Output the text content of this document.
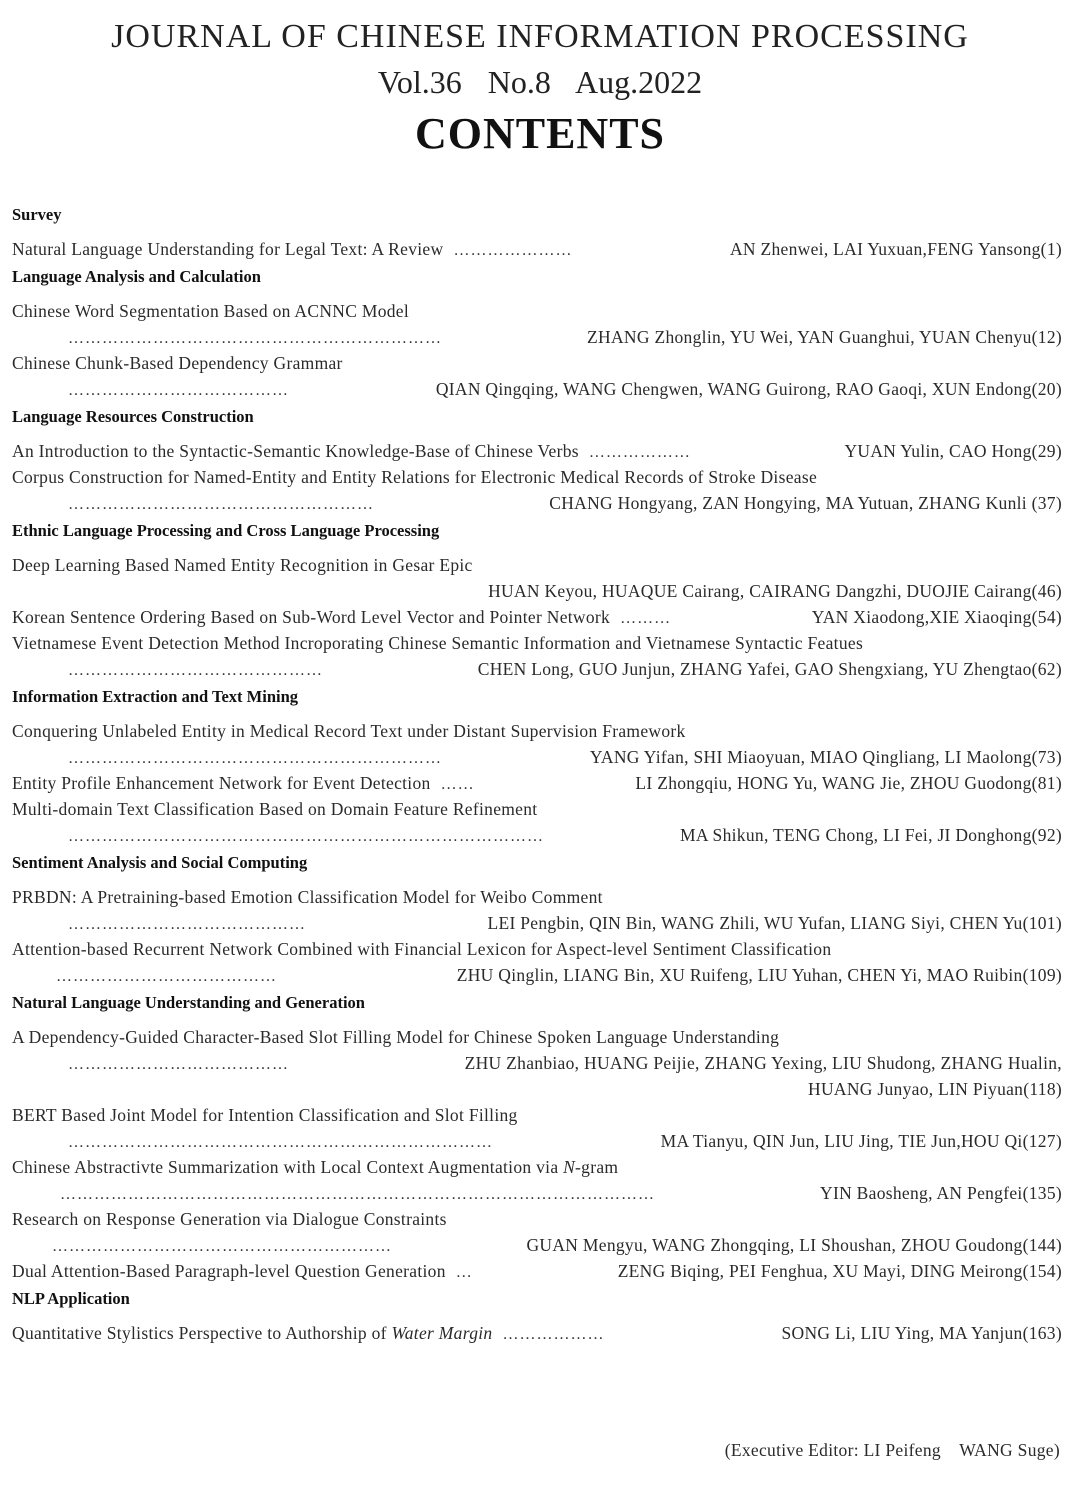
JOURNAL OF CHINESE INFORMATION PROCESSING
Vol.36 No.8 Aug.2022
CONTENTS
Survey
Natural Language Understanding for Legal Text: A Review …………………	AN Zhenwei, LAI Yuxuan,FENG Yansong(1)
Language Analysis and Calculation
Chinese Word Segmentation Based on ACNNC Model
…………………………………………………………	ZHANG Zhonglin, YU Wei, YAN Guanghui, YUAN Chenyu(12)
Chinese Chunk-Based Dependency Grammar
…………………………………	QIAN Qingqing, WANG Chengwen, WANG Guirong, RAO Gaoqi, XUN Endong(20)
Language Resources Construction
An Introduction to the Syntactic-Semantic Knowledge-Base of Chinese Verbs ………………	YUAN Yulin, CAO Hong(29)
Corpus Construction for Named-Entity and Entity Relations for Electronic Medical Records of Stroke Disease
………………………………………………	CHANG Hongyang, ZAN Hongying, MA Yutuan, ZHANG Kunli (37)
Ethnic Language Processing and Cross Language Processing
Deep Learning Based Named Entity Recognition in Gesar Epic
HUAN Keyou, HUAQUE Cairang, CAIRANG Dangzhi, DUOJIE Cairang(46)
Korean Sentence Ordering Based on Sub-Word Level Vector and Pointer Network ………	YAN Xiaodong,XIE Xiaoqing(54)
Vietnamese Event Detection Method Incroporating Chinese Semantic Information and Vietnamese Syntactic Featues
………………………………………	CHEN Long, GUO Junjun, ZHANG Yafei, GAO Shengxiang, YU Zhengtao(62)
Information Extraction and Text Mining
Conquering Unlabeled Entity in Medical Record Text under Distant Supervision Framework
…………………………………………………………	YANG Yifan, SHI Miaoyuan, MIAO Qingliang, LI Maolong(73)
Entity Profile Enhancement Network for Event Detection ……	LI Zhongqiu, HONG Yu, WANG Jie, ZHOU Guodong(81)
Multi-domain Text Classification Based on Domain Feature Refinement
…………………………………………………………………………	MA Shikun, TENG Chong, LI Fei, JI Donghong(92)
Sentiment Analysis and Social Computing
PRBDN: A Pretraining-based Emotion Classification Model for Weibo Comment
……………………………………	LEI Pengbin, QIN Bin, WANG Zhili, WU Yufan, LIANG Siyi, CHEN Yu(101)
Attention-based Recurrent Network Combined with Financial Lexicon for Aspect-level Sentiment Classification
…………………………………	ZHU Qinglin, LIANG Bin, XU Ruifeng, LIU Yuhan, CHEN Yi, MAO Ruibin(109)
Natural Language Understanding and Generation
A Dependency-Guided Character-Based Slot Filling Model for Chinese Spoken Language Understanding
…………………………………	ZHU Zhanbiao, HUANG Peijie, ZHANG Yexing, LIU Shudong, ZHANG Hualin,
HUANG Junyao, LIN Piyuan(118)
BERT Based Joint Model for Intention Classification and Slot Filling
…………………………………………………………………	MA Tianyu, QIN Jun, LIU Jing, TIE Jun,HOU Qi(127)
Chinese Abstractivte Summarization with Local Context Augmentation via N-gram
……………………………………………………………………………………………	YIN Baosheng, AN Pengfei(135)
Research on Response Generation via Dialogue Constraints
……………………………………………………	GUAN Mengyu, WANG Zhongqing, LI Shoushan, ZHOU Goudong(144)
Dual Attention-Based Paragraph-level Question Generation …	ZENG Biqing, PEI Fenghua, XU Mayi, DING Meirong(154)
NLP Application
Quantitative Stylistics Perspective to Authorship of Water Margin ………………	SONG Li, LIU Ying, MA Yanjun(163)
(Executive Editor: LI Peifeng    WANG Suge)
